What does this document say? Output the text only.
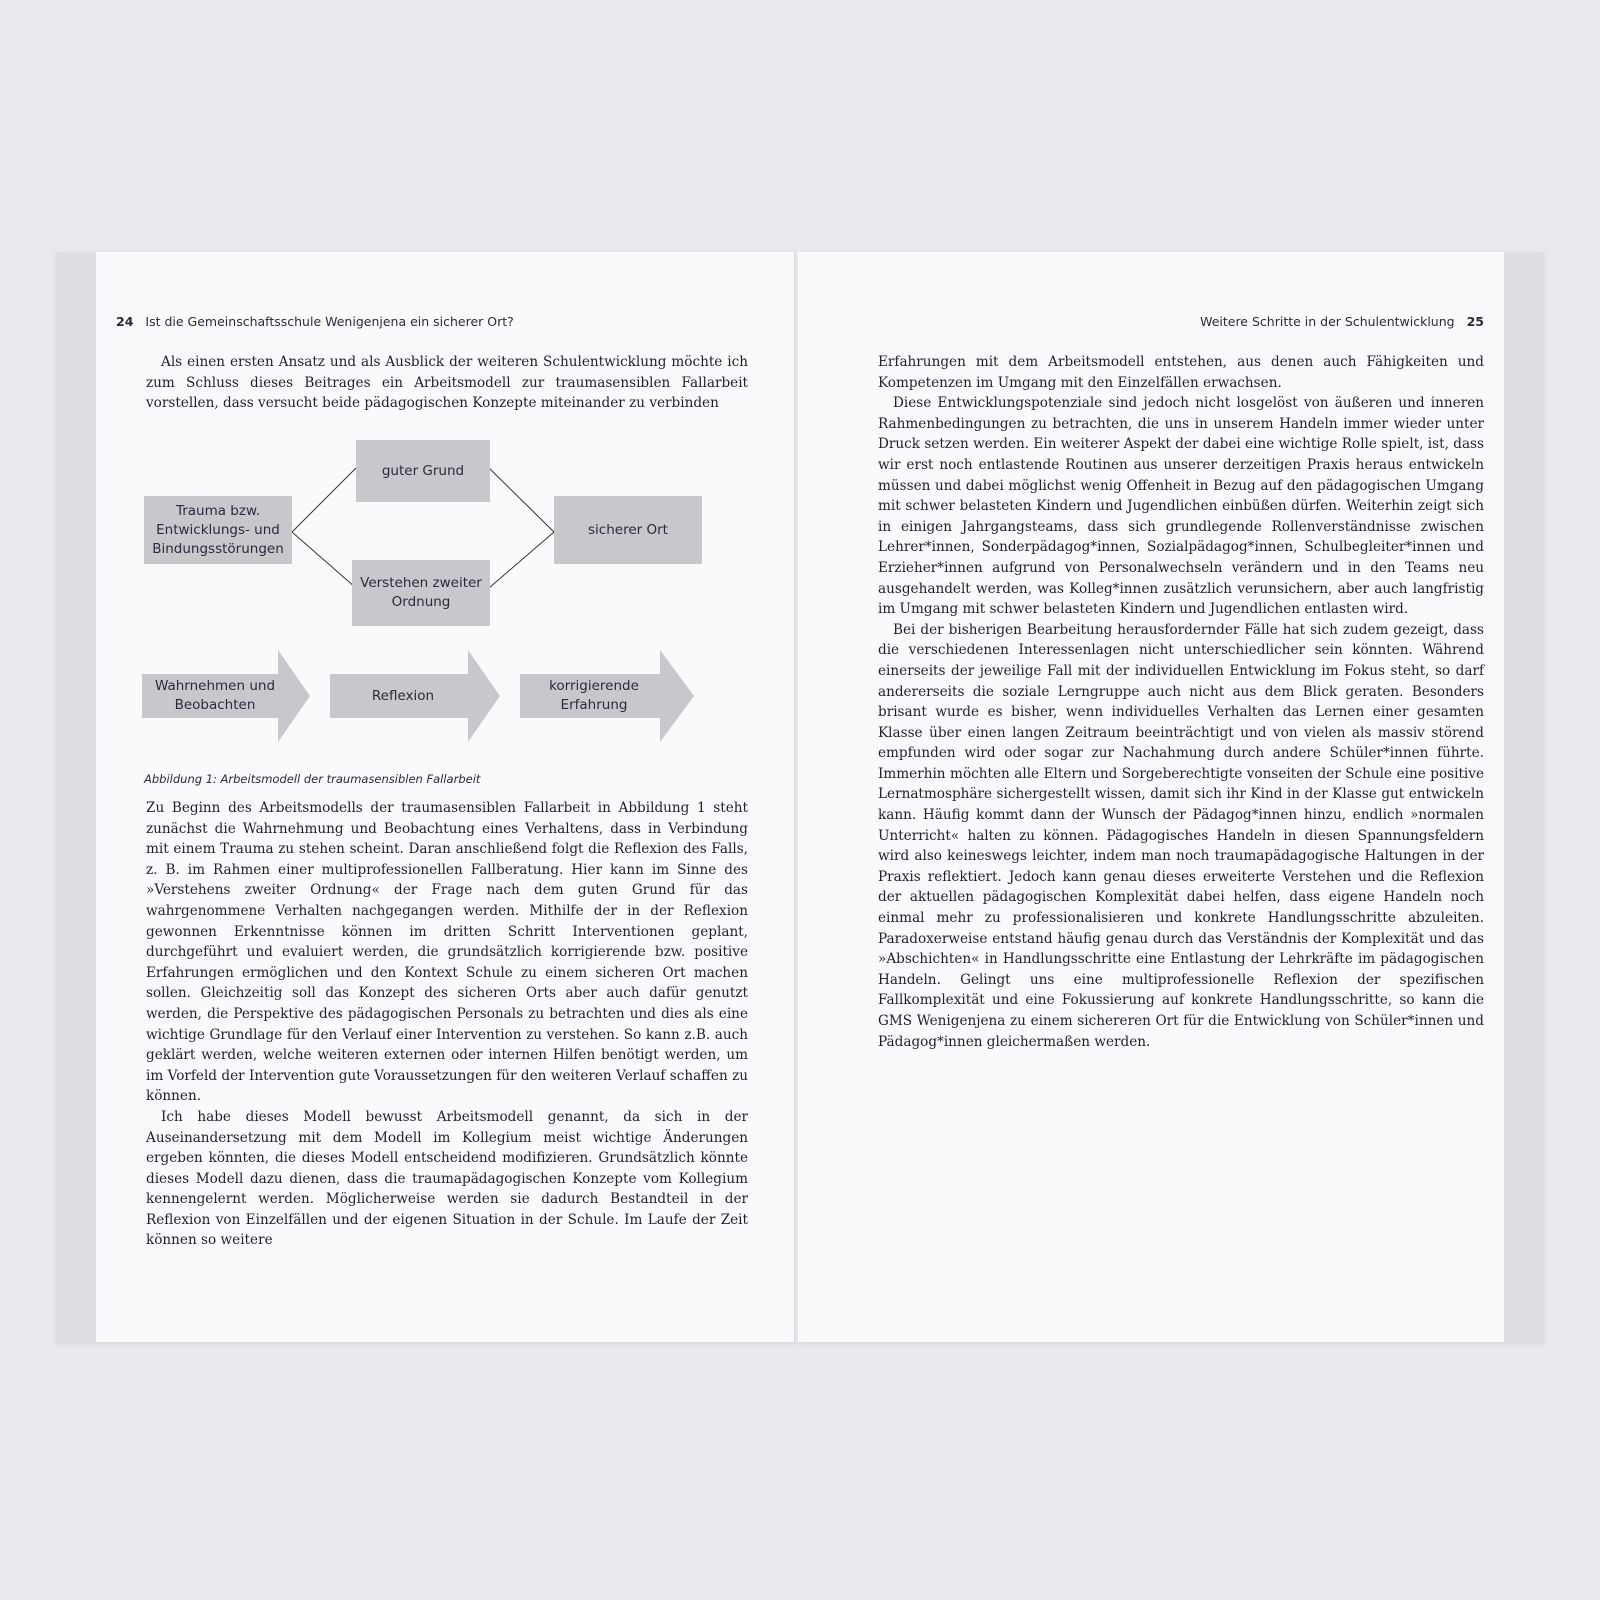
24 Ist die Gemeinschaftsschule Wenigenjena ein sicherer Ort?

Als einen ersten Ansatz und als Ausblick der weiteren Schulentwicklung möchte ich zum Schluss dieses Beitrages ein Arbeitsmodell zur traumasensiblen Fallarbeit vorstellen, dass versucht beide pädagogischen Konzepte miteinander zu verbinden

Trauma bzw. Entwicklungs- und Bindungsstörungen
guter Grund
Verstehen zweiter Ordnung
sicherer Ort
Wahrnehmen und Beobachten
Reflexion
korrigierende Erfahrung
Abbildung 1: Arbeitsmodell der traumasensiblen Fallarbeit

Zu Beginn des Arbeitsmodells der traumasensiblen Fallarbeit in Abbildung 1 steht zunächst die Wahrnehmung und Beobachtung eines Verhaltens, dass in Verbindung mit einem Trauma zu stehen scheint. Daran anschließend folgt die Reflexion des Falls, z. B. im Rahmen einer multiprofessionellen Fallberatung. Hier kann im Sinne des »Verstehens zweiter Ordnung« der Frage nach dem guten Grund für das wahrgenommene Verhalten nachgegangen werden. Mithilfe der in der Reflexion gewonnen Erkenntnisse können im dritten Schritt Interventionen geplant, durchgeführt und evaluiert werden, die grundsätzlich korrigierende bzw. positive Erfahrungen ermöglichen und den Kontext Schule zu einem sicheren Ort machen sollen. Gleichzeitig soll das Konzept des sicheren Orts aber auch dafür genutzt werden, die Perspektive des pädagogischen Personals zu betrachten und dies als eine wichtige Grundlage für den Verlauf einer Intervention zu verstehen. So kann z.B. auch geklärt werden, welche weiteren externen oder internen Hilfen benötigt werden, um im Vorfeld der Intervention gute Voraussetzungen für den weiteren Verlauf schaffen zu können.

Ich habe dieses Modell bewusst Arbeitsmodell genannt, da sich in der Auseinandersetzung mit dem Modell im Kollegium meist wichtige Änderungen ergeben könnten, die dieses Modell entscheidend modifizieren. Grundsätzlich könnte dieses Modell dazu dienen, dass die traumapädagogischen Konzepte vom Kollegium kennengelernt werden. Möglicherweise werden sie dadurch Bestandteil in der Reflexion von Einzelfällen und der eigenen Situation in der Schule. Im Laufe der Zeit können so weitere

Weitere Schritte in der Schulentwicklung 25

Erfahrungen mit dem Arbeitsmodell entstehen, aus denen auch Fähigkeiten und Kompetenzen im Umgang mit den Einzelfällen erwachsen.

Diese Entwicklungspotenziale sind jedoch nicht losgelöst von äußeren und inneren Rahmenbedingungen zu betrachten, die uns in unserem Handeln immer wieder unter Druck setzen werden. Ein weiterer Aspekt der dabei eine wichtige Rolle spielt, ist, dass wir erst noch entlastende Routinen aus unserer derzeitigen Praxis heraus entwickeln müssen und dabei möglichst wenig Offenheit in Bezug auf den pädagogischen Umgang mit schwer belasteten Kindern und Jugendlichen einbüßen dürfen. Weiterhin zeigt sich in einigen Jahrgangsteams, dass sich grundlegende Rollenverständnisse zwischen Lehrer*innen, Sonderpädagog*innen, Sozialpädagog*innen, Schulbegleiter*innen und Erzieher*innen aufgrund von Personalwechseln verändern und in den Teams neu ausgehandelt werden, was Kolleg*innen zusätzlich verunsichern, aber auch langfristig im Umgang mit schwer belasteten Kindern und Jugendlichen entlasten wird.

Bei der bisherigen Bearbeitung herausfordernder Fälle hat sich zudem gezeigt, dass die verschiedenen Interessenlagen nicht unterschiedlicher sein könnten. Während einerseits der jeweilige Fall mit der individuellen Entwicklung im Fokus steht, so darf andererseits die soziale Lerngruppe auch nicht aus dem Blick geraten. Besonders brisant wurde es bisher, wenn individuelles Verhalten das Lernen einer gesamten Klasse über einen langen Zeitraum beeinträchtigt und von vielen als massiv störend empfunden wird oder sogar zur Nachahmung durch andere Schüler*innen führte. Immerhin möchten alle Eltern und Sorgeberechtigte vonseiten der Schule eine positive Lernatmosphäre sichergestellt wissen, damit sich ihr Kind in der Klasse gut entwickeln kann. Häufig kommt dann der Wunsch der Pädagog*innen hinzu, endlich »normalen Unterricht« halten zu können. Pädagogisches Handeln in diesen Spannungsfeldern wird also keineswegs leichter, indem man noch traumapädagogische Haltungen in der Praxis reflektiert. Jedoch kann genau dieses erweiterte Verstehen und die Reflexion der aktuellen pädagogischen Komplexität dabei helfen, dass eigene Handeln noch einmal mehr zu professionalisieren und konkrete Handlungsschritte abzuleiten. Paradoxerweise entstand häufig genau durch das Verständnis der Komplexität und das »Abschichten« in Handlungsschritte eine Entlastung der Lehrkräfte im pädagogischen Handeln. Gelingt uns eine multiprofessionelle Reflexion der spezifischen Fallkomplexität und eine Fokussierung auf konkrete Handlungsschritte, so kann die GMS Wenigenjena zu einem sichereren Ort für die Entwicklung von Schüler*innen und Pädagog*innen gleichermaßen werden.
